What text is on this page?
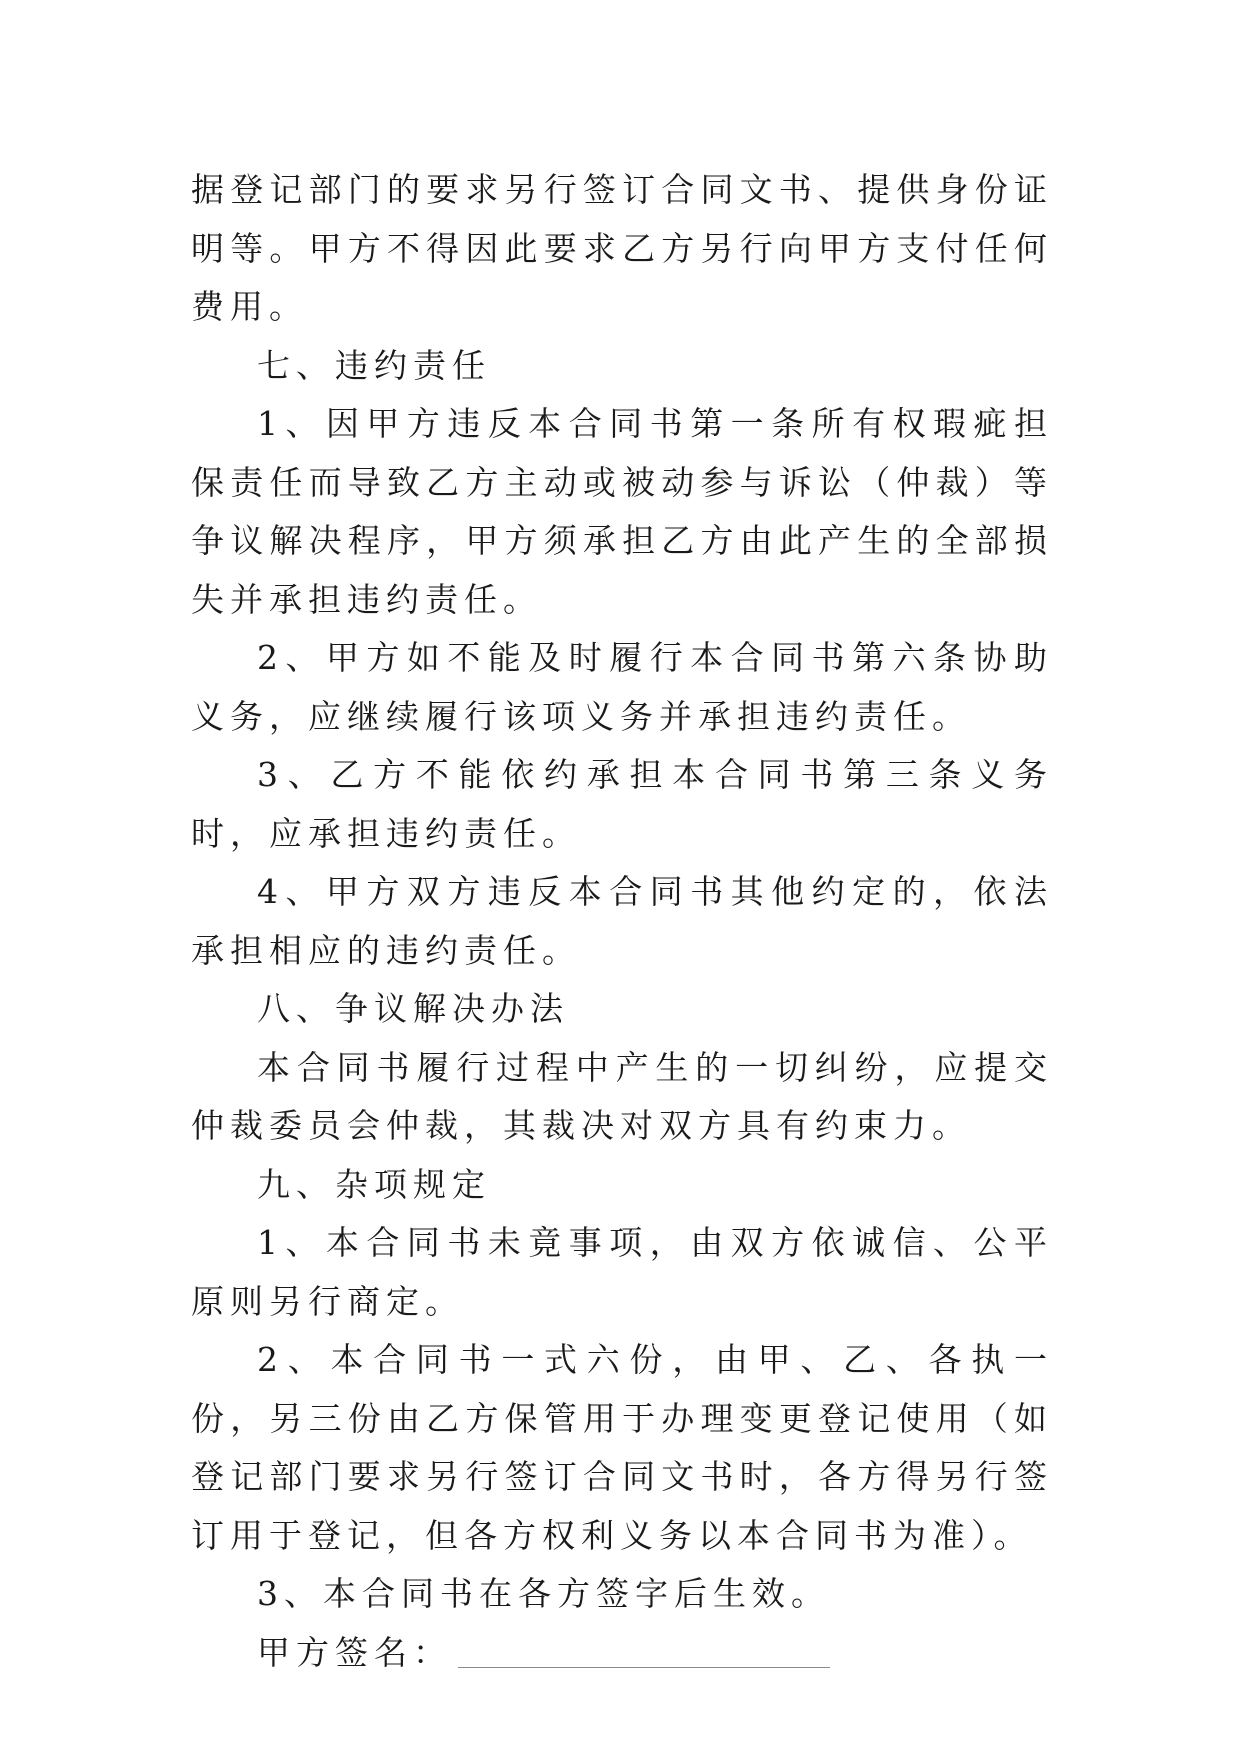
据登记部门的要求另行签订合同文书、提供身份证明等。甲方不得因此要求乙方另行向甲方支付任何费用。

七、违约责任

1、因甲方违反本合同书第一条所有权瑕疵担保责任而导致乙方主动或被动参与诉讼（仲裁）等争议解决程序，甲方须承担乙方由此产生的全部损失并承担违约责任。

2、甲方如不能及时履行本合同书第六条协助义务，应继续履行该项义务并承担违约责任。

3、乙方不能依约承担本合同书第三条义务时，应承担违约责任。

4、甲方双方违反本合同书其他约定的，依法承担相应的违约责任。

八、争议解决办法

本合同书履行过程中产生的一切纠纷，应提交仲裁委员会仲裁，其裁决对双方具有约束力。

九、杂项规定

1、本合同书未竟事项，由双方依诚信、公平原则另行商定。

2、本合同书一式六份，由甲、乙、各执一份，另三份由乙方保管用于办理变更登记使用（如登记部门要求另行签订合同文书时，各方得另行签订用于登记，但各方权利义务以本合同书为准）。

3、本合同书在各方签字后生效。

甲方签名：
